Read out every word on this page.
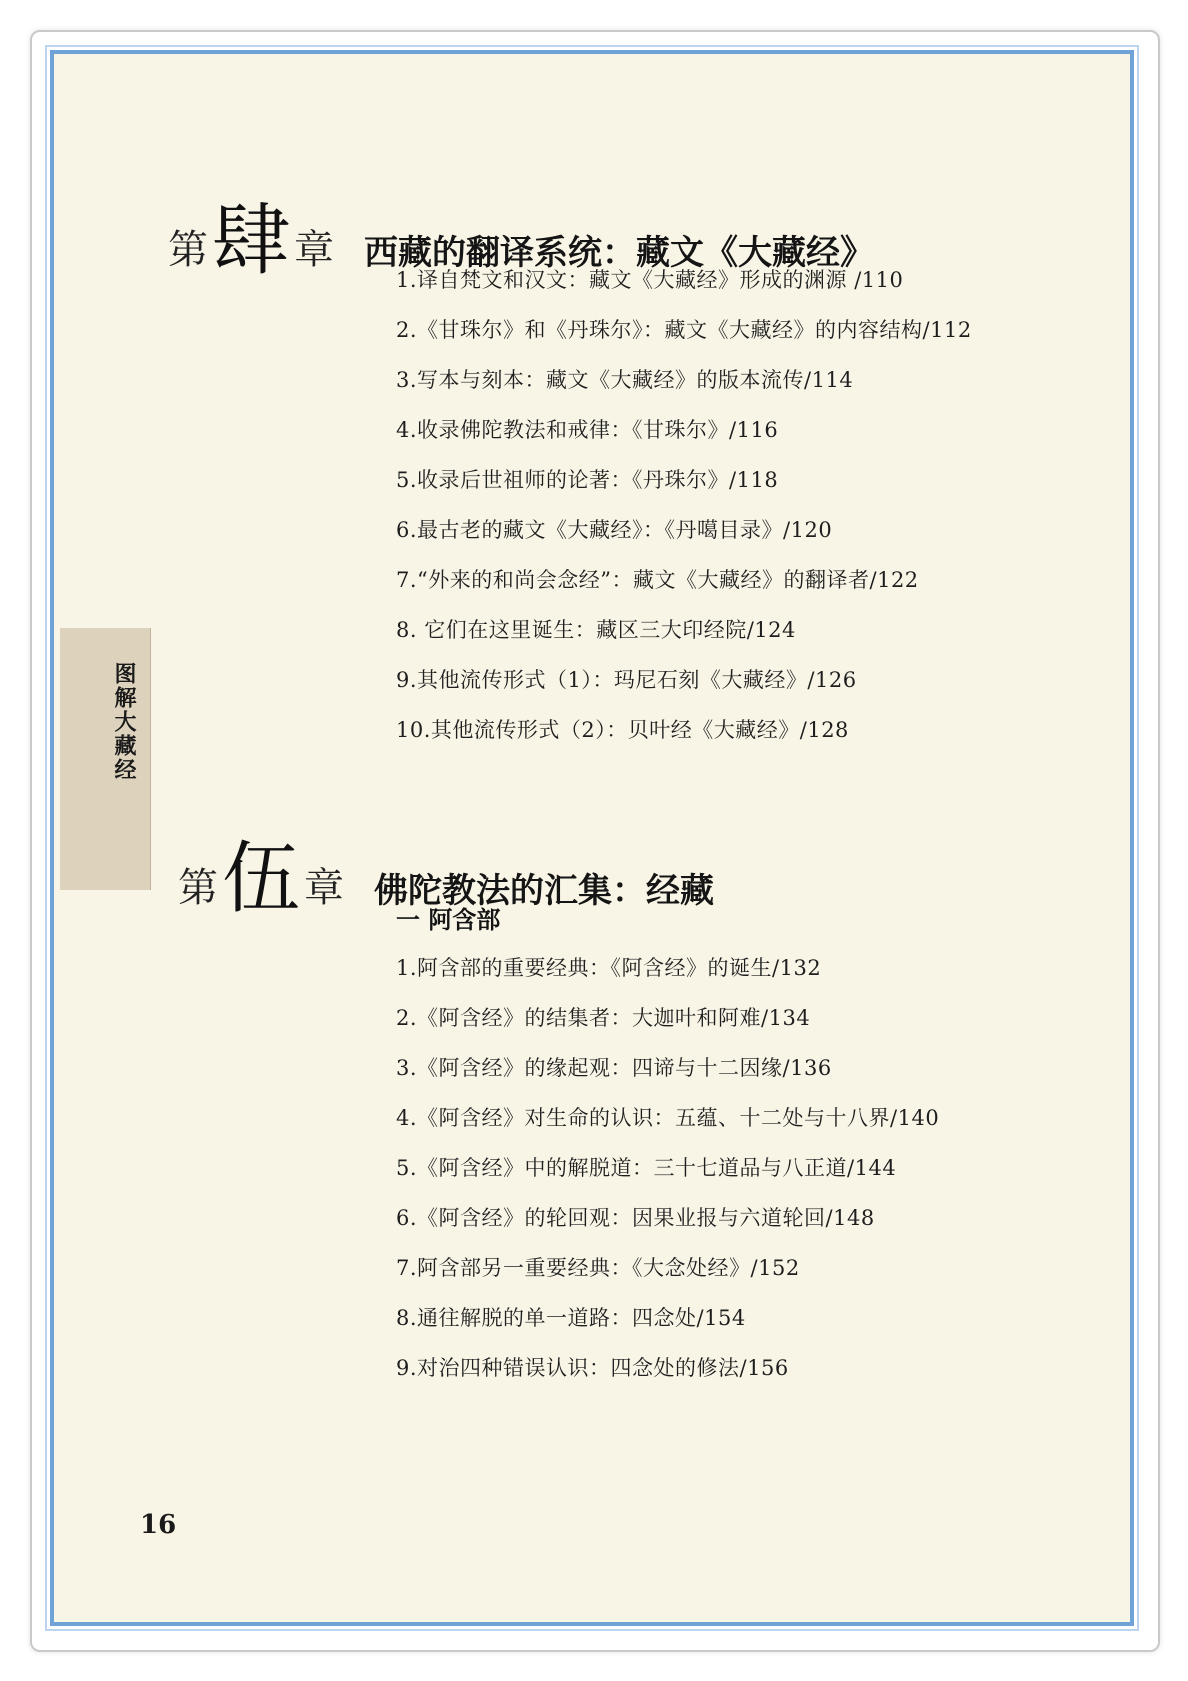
第 肆 章 西藏的翻译系统：藏文《大藏经》
1.译自梵文和汉文：藏文《大藏经》形成的渊源 /110
2.《甘珠尔》和《丹珠尔》：藏文《大藏经》的内容结构/112
3.写本与刻本：藏文《大藏经》的版本流传/114
4.收录佛陀教法和戒律：《甘珠尔》/116
5.收录后世祖师的论著：《丹珠尔》/118
6.最古老的藏文《大藏经》：《丹噶目录》/120
7.“外来的和尚会念经”：藏文《大藏经》的翻译者/122
8. 它们在这里诞生：藏区三大印经院/124
9.其他流传形式（1）：玛尼石刻《大藏经》/126
10.其他流传形式（2）：贝叶经《大藏经》/128
图解大藏经
第 伍 章 佛陀教法的汇集：经藏
一 阿含部
1.阿含部的重要经典：《阿含经》的诞生/132
2.《阿含经》的结集者：大迦叶和阿难/134
3.《阿含经》的缘起观：四谛与十二因缘/136
4.《阿含经》对生命的认识：五蕴、十二处与十八界/140
5.《阿含经》中的解脱道：三十七道品与八正道/144
6.《阿含经》的轮回观：因果业报与六道轮回/148
7.阿含部另一重要经典：《大念处经》/152
8.通往解脱的单一道路：四念处/154
9.对治四种错误认识：四念处的修法/156
16
